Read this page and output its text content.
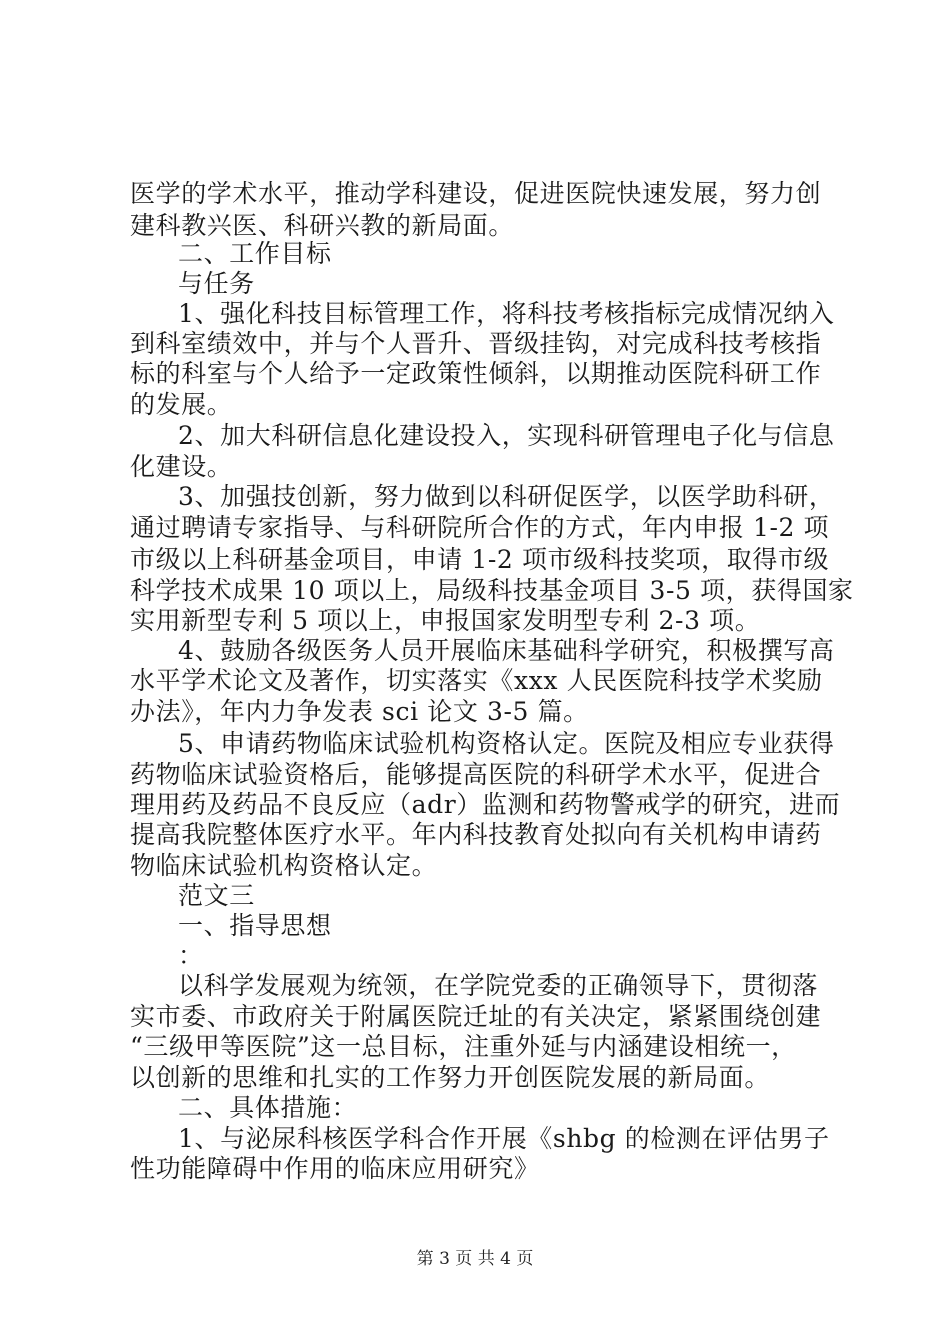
医学的学术水平，推动学科建设，促进医院快速发展，努力创
建科教兴医、科研兴教的新局面。
二、工作目标
与任务
1、强化科技目标管理工作，将科技考核指标完成情况纳入
到科室绩效中，并与个人晋升、晋级挂钩，对完成科技考核指
标的科室与个人给予一定政策性倾斜，以期推动医院科研工作
的发展。
2、加大科研信息化建设投入，实现科研管理电子化与信息
化建设。
3、加强技创新，努力做到以科研促医学，以医学助科研，
通过聘请专家指导、与科研院所合作的方式，年内申报 1-2 项
市级以上科研基金项目，申请 1-2 项市级科技奖项，取得市级
科学技术成果 10 项以上，局级科技基金项目 3-5 项，获得国家
实用新型专利 5 项以上，申报国家发明型专利 2-3 项。
4、鼓励各级医务人员开展临床基础科学研究，积极撰写高
水平学术论文及著作，切实落实《xxx 人民医院科技学术奖励
办法》，年内力争发表 sci 论文 3-5 篇。
5、申请药物临床试验机构资格认定。医院及相应专业获得
药物临床试验资格后，能够提高医院的科研学术水平，促进合
理用药及药品不良反应（adr）监测和药物警戒学的研究，进而
提高我院整体医疗水平。年内科技教育处拟向有关机构申请药
物临床试验机构资格认定。
范文三
一、指导思想
：
以科学发展观为统领，在学院党委的正确领导下，贯彻落
实市委、市政府关于附属医院迁址的有关决定，紧紧围绕创建
“三级甲等医院”这一总目标，注重外延与内涵建设相统一，
以创新的思维和扎实的工作努力开创医院发展的新局面。
二、具体措施：
1、与泌尿科核医学科合作开展《shbg 的检测在评估男子
性功能障碍中作用的临床应用研究》
第 3 页 共 4 页
